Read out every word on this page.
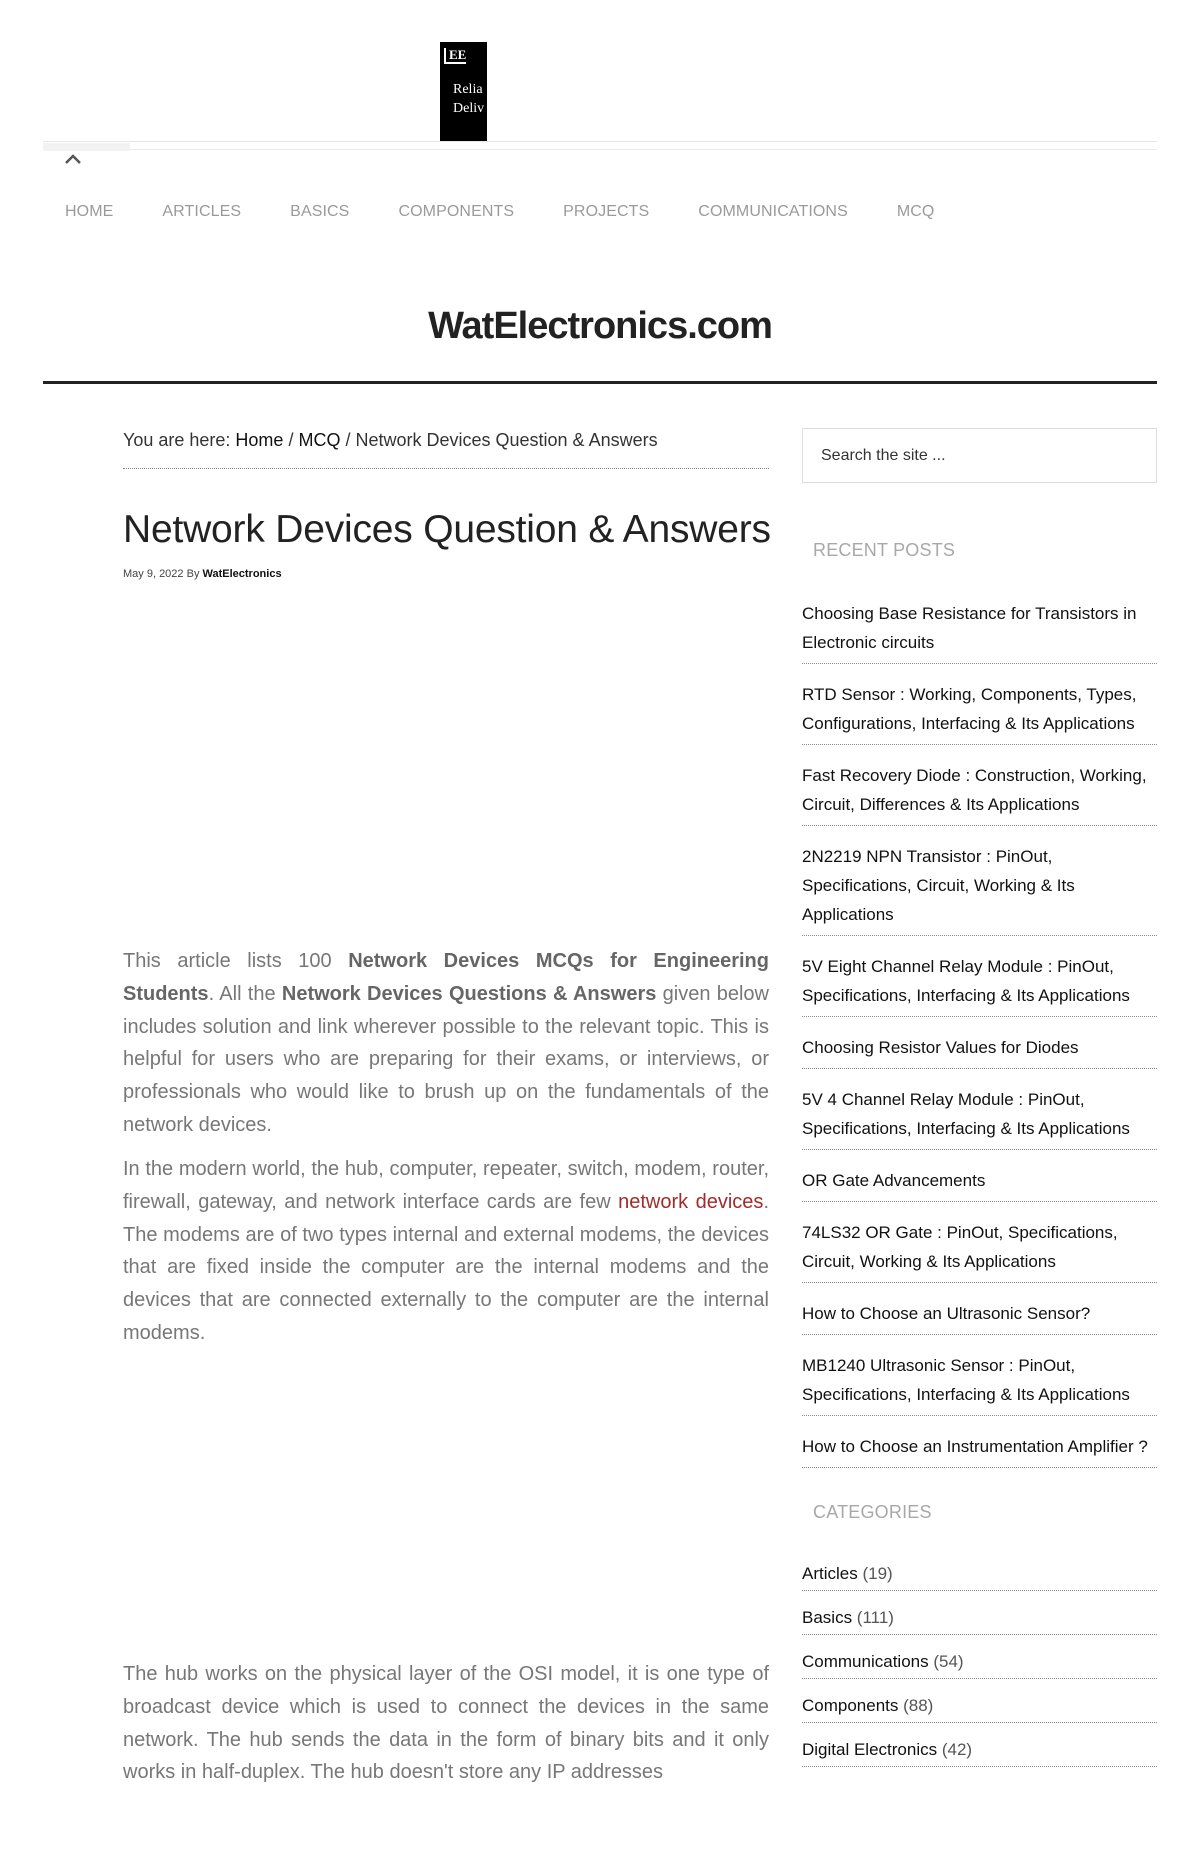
EE
Relia
Deliv
HOME	ARTICLES	BASICS	COMPONENTS	PROJECTS	COMMUNICATIONS	MCQ
WatElectronics.com
You are here: Home / MCQ / Network Devices Question & Answers
Network Devices Question & Answers
May 9, 2022 By WatElectronics

This article lists 100 Network Devices MCQs for Engineering Students. All the Network Devices Questions & Answers given below includes solution and link wherever possible to the relevant topic. This is helpful for users who are preparing for their exams, or interviews, or professionals who would like to brush up on the fundamentals of the network devices.

In the modern world, the hub, computer, repeater, switch, modem, router, firewall, gateway, and network interface cards are few network devices. The modems are of two types internal and external modems, the devices that are fixed inside the computer are the internal modems and the devices that are connected externally to the computer are the internal modems.

The hub works on the physical layer of the OSI model, it is one type of broadcast device which is used to connect the devices in the same network. The hub sends the data in the form of binary bits and it only works in half-duplex. The hub doesn't store any IP addresses

Search the site ...
RECENT POSTS
Choosing Base Resistance for Transistors in Electronic circuits
RTD Sensor : Working, Components, Types, Configurations, Interfacing & Its Applications
Fast Recovery Diode : Construction, Working, Circuit, Differences & Its Applications
2N2219 NPN Transistor : PinOut, Specifications, Circuit, Working & Its Applications
5V Eight Channel Relay Module : PinOut, Specifications, Interfacing & Its Applications
Choosing Resistor Values for Diodes
5V 4 Channel Relay Module : PinOut, Specifications, Interfacing & Its Applications
OR Gate Advancements
74LS32 OR Gate : PinOut, Specifications, Circuit, Working & Its Applications
How to Choose an Ultrasonic Sensor?
MB1240 Ultrasonic Sensor : PinOut, Specifications, Interfacing & Its Applications
How to Choose an Instrumentation Amplifier ?
CATEGORIES
Articles (19)
Basics (111)
Communications (54)
Components (88)
Digital Electronics (42)
